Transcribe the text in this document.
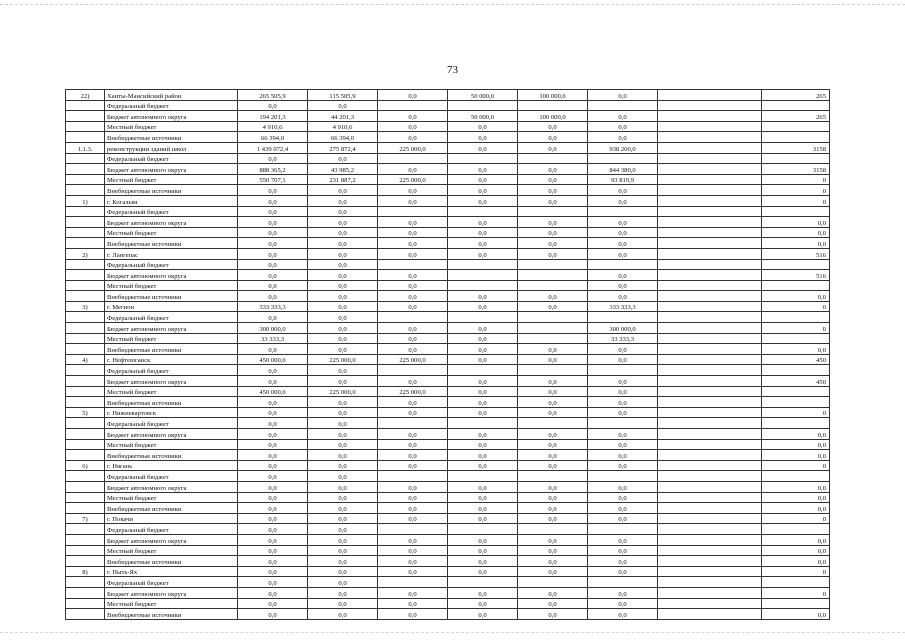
73
22)	Ханты-Мансийский район	265 505,9	115 505,9	0,0	50 000,0	100 000,0	0,0		265
	Федеральный бюджет	0,0	0,0						
	Бюджет автономного округа	194 201,3	44 201,3	0,0	50 000,0	100 000,0	0,0		265
	Местный бюджет	4 910,6	4 910,6	0,0	0,0	0,0	0,0		
	Внебюджетные источники	66 394,0	66 394,0	0,0	0,0	0,0	0,0		
1.1.3.	реконструкции зданий школ	1 439 072,4	275 872,4	225 000,0	0,0	0,0	938 200,0		3158
	Федеральный бюджет	0,0	0,0						
	Бюджет автономного округа	888 365,2	43 985,2	0,0	0,0	0,0	844 380,0		3158
	Местный бюджет	550 707,1	231 887,2	225 000,0	0,0	0,0	93 819,9		0
	Внебюджетные источники	0,0	0,0	0,0	0,0	0,0	0,0		0
1)	г. Когалым	0,0	0,0	0,0	0,0	0,0	0,0		0
	Федеральный бюджет	0,0	0,0						
	Бюджет автономного округа	0,0	0,0	0,0	0,0	0,0	0,0		0,0
	Местный бюджет	0,0	0,0	0,0	0,0	0,0	0,0		0,0
	Внебюджетные источники	0,0	0,0	0,0	0,0	0,0	0,0		0,0
2)	г. Лангепас	0,0	0,0	0,0	0,0	0,0	0,0		516
	Федеральный бюджет	0,0	0,0						
	Бюджет автономного округа	0,0	0,0	0,0			0,0		516
	Местный бюджет	0,0	0,0	0,0			0,0		
	Внебюджетные источники	0,0	0,0	0,0	0,0	0,0	0,0		0,0
3)	г. Мегион	333 333,3	0,0	0,0	0,0	0,0	333 333,3		0
	Федеральный бюджет	0,0	0,0						
	Бюджет автономного округа	300 000,0	0,0	0,0	0,0		300 000,0		0
	Местный бюджет	33 333,3	0,0	0,0	0,0		33 333,3		
	Внебюджетные источники	0,0	0,0	0,0	0,0	0,0	0,0		0,0
4)	г. Нефтеюганск	450 000,0	225 000,0	225 000,0	0,0	0,0	0,0		450
	Федеральный бюджет	0,0	0,0						
	Бюджет автономного округа	0,0	0,0	0,0	0,0	0,0	0,0		450
	Местный бюджет	450 000,0	225 000,0	225 000,0	0,0	0,0	0,0		
	Внебюджетные источники	0,0	0,0	0,0	0,0	0,0	0,0		
5)	г. Нижневартовск	0,0	0,0	0,0	0,0	0,0	0,0		0
	Федеральный бюджет	0,0	0,0						
	Бюджет автономного округа	0,0	0,0	0,0	0,0	0,0	0,0		0,0
	Местный бюджет	0,0	0,0	0,0	0,0	0,0	0,0		0,0
	Внебюджетные источники	0,0	0,0	0,0	0,0	0,0	0,0		0,0
6)	г. Нягань	0,0	0,0	0,0	0,0	0,0	0,0		0
	Федеральный бюджет	0,0	0,0						
	Бюджет автономного округа	0,0	0,0	0,0	0,0	0,0	0,0		0,0
	Местный бюджет	0,0	0,0	0,0	0,0	0,0	0,0		0,0
	Внебюджетные источники	0,0	0,0	0,0	0,0	0,0	0,0		0,0
7)	г. Покачи	0,0	0,0	0,0	0,0	0,0	0,0		0
	Федеральный бюджет	0,0	0,0						
	Бюджет автономного округа	0,0	0,0	0,0	0,0	0,0	0,0		0,0
	Местный бюджет	0,0	0,0	0,0	0,0	0,0	0,0		0,0
	Внебюджетные источники	0,0	0,0	0,0	0,0	0,0	0,0		0,0
8)	г. Пыть-Ях	0,0	0,0	0,0	0,0	0,0	0,0		0
	Федеральный бюджет	0,0	0,0						
	Бюджет автономного округа	0,0	0,0	0,0	0,0	0,0	0,0		0
	Местный бюджет	0,0	0,0	0,0	0,0	0,0	0,0		
	Внебюджетные источники	0,0	0,0	0,0	0,0	0,0	0,0		0,0
